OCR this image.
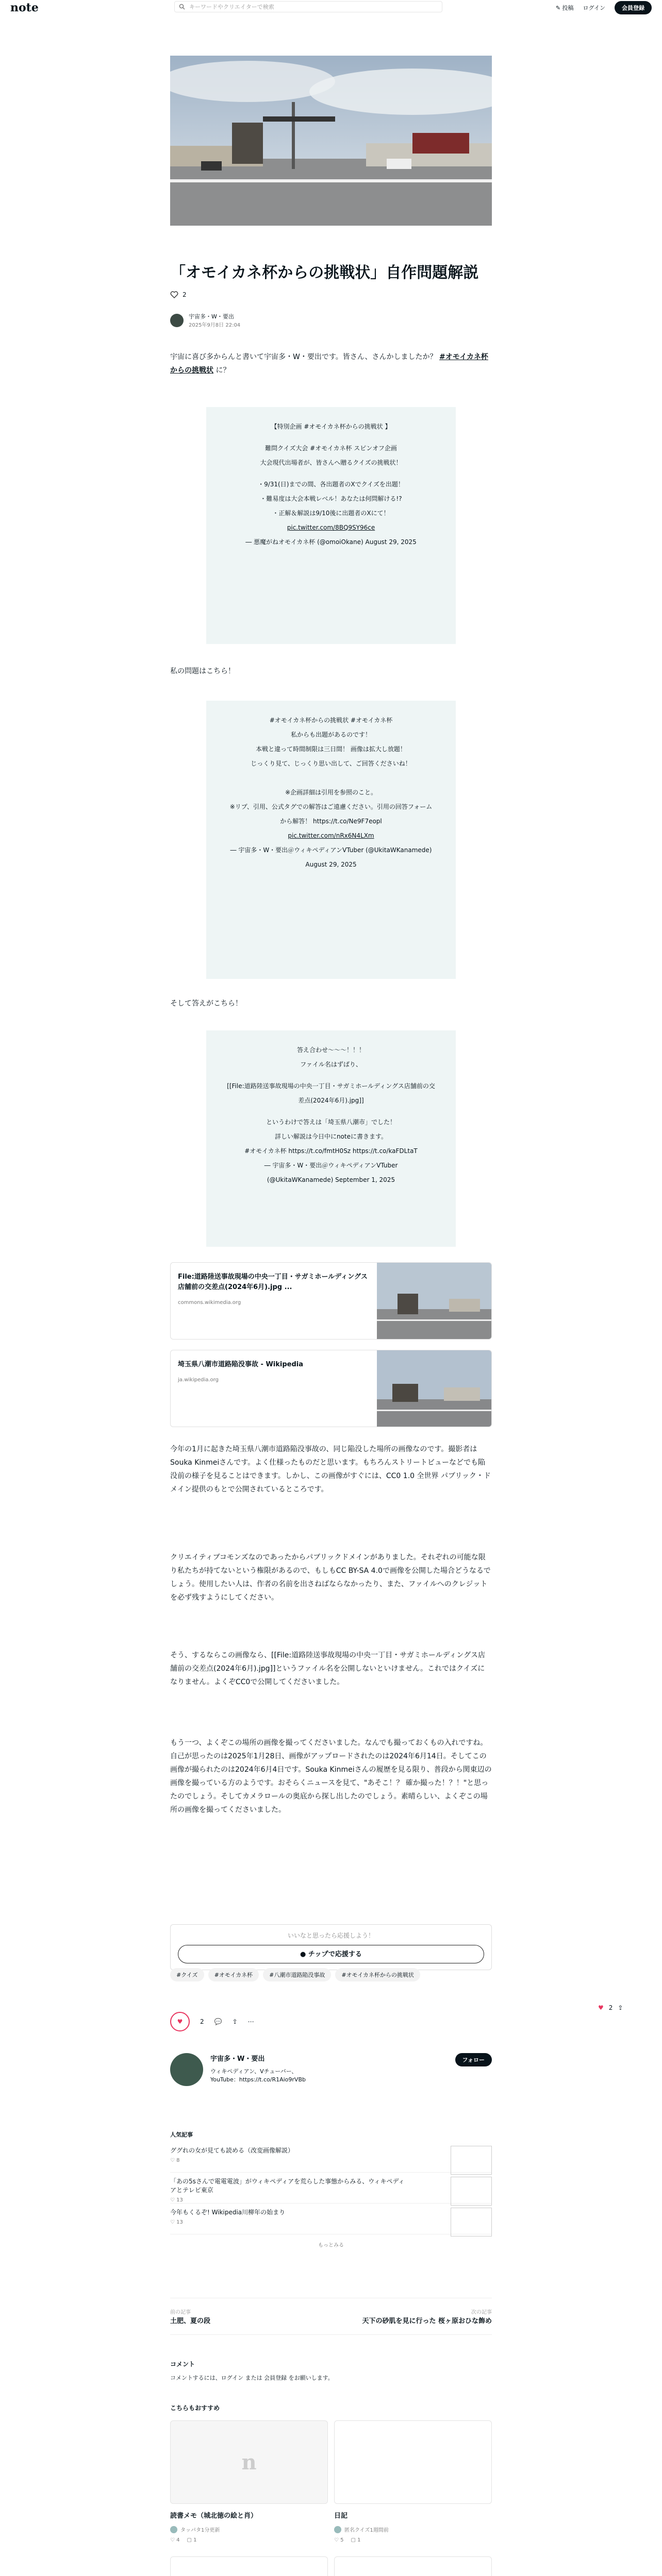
note	キーワードやクリエイターで検索	✎ 投稿 ログイン	会員登録
「オモイカネ杯からの挑戦状」自作問題解説
2
宇宙多・W・要出
2025年9月8日 22:04
宇宙に喜び多からんと書いて宇宙多・W・要出です。皆さん、さんかしましたか？ #オモイカネ杯からの挑戦状 に？
【特別企画 #オモイカネ杯からの挑戦状 】
難問クイズ大会 #オモイカネ杯 スピンオフ企画
大会現代出場者が、皆さんへ贈るクイズの挑戦状！
・9/31(日)までの間、各出題者のXでクイズを出題！
・難易度は大会本戦レベル！あなたは何問解ける!?
・正解＆解説は9/10後に出題者のXにて！
pic.twitter.com/8BQ9SY96ce
― 悪魔がねオモイカネ杯 (@omoiOkane) August 29, 2025
私の問題はこちら！
#オモイカネ杯からの挑戦状 #オモイカネ杯
私からも出題があるのです！
本戦と違って時間制限は三日間！ 画像は拡大し放題！
じっくり見て、じっくり思い出して、ご回答くださいね！
※企画詳細は引用を参照のこと。
※リプ、引用、公式タグでの解答はご遠慮ください。引用の回答フォームから解答！ https://t.co/Ne9F7eopl
pic.twitter.com/nRx6N4LXm
― 宇宙多・W・要出＠ウィキペディアンVTuber (@UkitaWKanamede) August 29, 2025
そして答えがこちら！
答え合わせ～～～！！！
ファイル名はずばり、
[[File:道路陸送事故現場の中央一丁目・サガミホールディングス店舗前の交差点(2024年6月).jpg]]
というわけで答えは「埼玉県八潮市」でした！
詳しい解説は今日中にnoteに書きます。
#オモイカネ杯 https://t.co/fmtH0Sz https://t.co/kaFDLtaT
― 宇宙多・W・要出＠ウィキペディアンVTuber
(@UkitaWKanamede) September 1, 2025
File:道路陸送事故現場の中央一丁目・サガミホールディングス店舗前の交差点(2024年6月).jpg ...
commons.wikimedia.org
埼玉県八潮市道路陥没事故 - Wikipedia
ja.wikipedia.org
今年の1月に起きた埼玉県八潮市道路陥没事故の、同じ陥没した場所の画像なのです。撮影者はSouka Kinmeiさんです。よく仕様ったものだと思います。もちろんストリートビューなどでも陥没前の様子を見ることはできます。しかし、この画像がすぐには、CC0 1.0 全世界 パブリック・ドメイン提供のもとで公開されているところです。
クリエイティブコモンズなのであったからパブリックドメインがありました。それぞれの可能な限り私たちが持てないという権限があるので、もしもCC BY-SA 4.0で画像を公開した場合どうなるでしょう。使用したい人は、作者の名前を出さねばならなかったり、また、ファイルへのクレジットを必ず残すようにしてください。
そう、するならこの画像なら、[[File:道路陸送事故現場の中央一丁目・サガミホールディングス店舗前の交差点(2024年6月).jpg]]というファイル名を公開しないといけません。これではクイズになりません。よくぞCC0で公開してくださいました。
もう一つ、よくぞこの場所の画像を撮ってくださいました。なんでも撮っておくもの入れですね。自己が思ったのは2025年1月28日、画像がアップロードされたのは2024年6月14日。そしてこの画像が撮られたのは2024年6月4日です。Souka Kinmeiさんの履歴を見る限り、普段から関東辺の画像を撮っている方のようです。おそらくニュースを見て、"あそこ！？ 確か撮った！？！"と思ったのでしょう。そしてカメラロールの奥底から探し出したのでしょう。素晴らしい、よくぞこの場所の画像を撮ってくださいました。
いいなと思ったら応援しよう！
● チップで応援する
#クイズ	#オモイカネ杯	#八潮市道路陥没事故	#オモイカネ杯からの挑戦状
♥ 2 ⇪
♥	2 💬 ⇪ ⋯
宇宙多・W・要出
ウィキペディアン、Vチューバー、
YouTube：https://t.co/R1Aio9rVBb
フォロー
人気記事
ググれの女が見ても読める（改変画像解説）
♡ 8
「あの5sさんで電電電波」がウィキペディアを荒らした事態からみる、ウィキペディアとテレビ東京
♡ 13
今年もくるぞ! Wikipedia川柳年の始まり
♡ 13
もっとみる
前の記事
土肥、夏の段
次の記事
天下の砂肌を見に行った 桜ヶ原おひな飾め
コメント
コメントするには、ログイン または 会員登録 をお願いします。
こちらもおすすめ
n
読書メモ（城北徳の絵と肖）
タッパタ1分更新
♡ 4 ▢ 1
日記
匿名クイズ1週間前
♡ 5 ▢ 1
